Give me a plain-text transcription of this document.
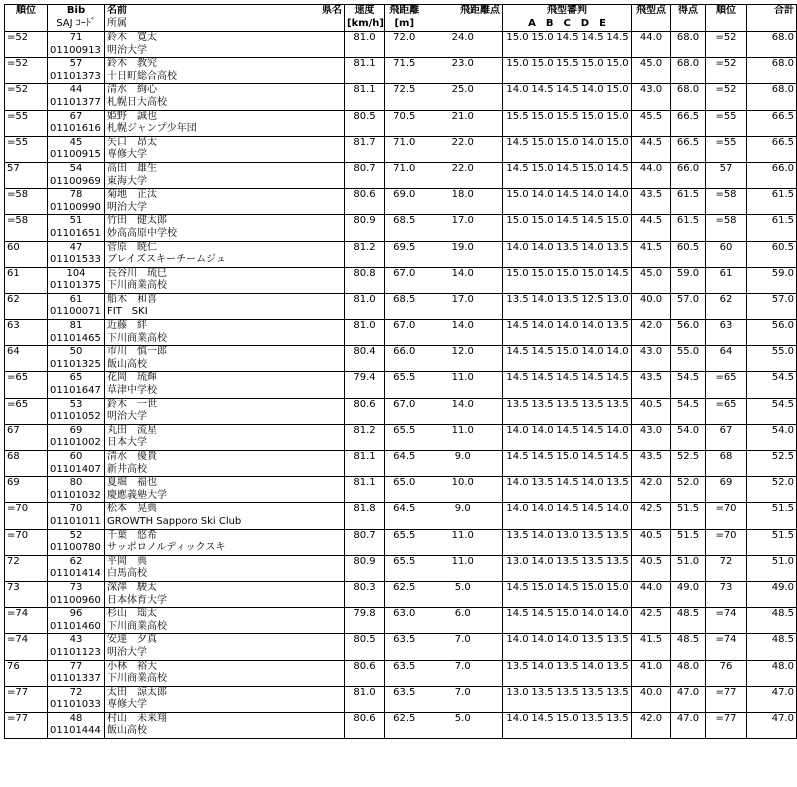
順位	Bib	名前 県名	速度	飛距離	飛距離点		飛型審判	飛型点	得点	順位	合計
	SAJ ｺｰﾄﾞ	所属	[km/h]	[m]			A　B　C　D　E				
=52	71	鈴木　寛太	81.0	72.0	24.0		15.0 15.0 14.5 14.5 14.5	44.0	68.0	=52	68.0
	01100913	明治大学									
=52	57	鈴木　教究	81.1	71.5	23.0		15.0 15.0 15.5 15.0 15.0	45.0	68.0	=52	68.0
	01101373	十日町総合高校									
=52	44	清水　絢心	81.1	72.5	25.0		14.0 14.5 14.5 14.0 15.0	43.0	68.0	=52	68.0
	01101377	札幌日大高校									
=55	67	姫野　誠也	80.5	70.5	21.0		15.5 15.0 15.5 15.0 15.0	45.5	66.5	=55	66.5
	01101616	札幌ジャンプ少年団									
=55	45	矢口　昂太	81.7	71.0	22.0		14.5 15.0 15.0 14.0 15.0	44.5	66.5	=55	66.5
	01100915	専修大学									
57	54	高田　雄生	80.7	71.0	22.0		14.5 15.0 14.5 15.0 14.5	44.0	66.0	57	66.0
	01100969	東海大学									
=58	78	菊地　正汰	80.6	69.0	18.0		15.0 14.0 14.5 14.0 14.0	43.5	61.5	=58	61.5
	01100990	明治大学									
=58	51	竹田　健太郎	80.9	68.5	17.0		15.0 15.0 14.5 14.5 15.0	44.5	61.5	=58	61.5
	01101651	妙高高原中学校									
60	47	菅原　暁仁	81.2	69.5	19.0		14.0 14.0 13.5 14.0 13.5	41.5	60.5	60	60.5
	01101533	ブレイズスキーチームジュ									
61	104	長谷川　琉巳	80.8	67.0	14.0		15.0 15.0 15.0 15.0 14.5	45.0	59.0	61	59.0
	01101375	下川商業高校									
62	61	船木　和喜	81.0	68.5	17.0		13.5 14.0 13.5 12.5 13.0	40.0	57.0	62	57.0
	01100071	FIT　SKI									
63	81	近藤　絆	81.0	67.0	14.0		14.5 14.0 14.0 14.0 13.5	42.0	56.0	63	56.0
	01101465	下川商業高校									
64	50	市川　慎一郎	80.4	66.0	12.0		14.5 14.5 15.0 14.0 14.0	43.0	55.0	64	55.0
	01101325	飯山高校									
=65	65	花岡　琉輝	79.4	65.5	11.0		14.5 14.5 14.5 14.5 14.5	43.5	54.5	=65	54.5
	01101647	草津中学校									
=65	53	鈴木　一世	80.6	67.0	14.0		13.5 13.5 13.5 13.5 13.5	40.5	54.5	=65	54.5
	01101052	明治大学									
67	69	丸田　流星	81.2	65.5	11.0		14.0 14.0 14.5 14.5 14.0	43.0	54.0	67	54.0
	01101002	日本大学									
68	60	清水　優貴	81.1	64.5	9.0		14.5 14.5 15.0 14.5 14.5	43.5	52.5	68	52.5
	01101407	新井高校									
69	80	夏堀　福也	81.1	65.0	10.0		14.0 13.5 14.5 14.0 13.5	42.0	52.0	69	52.0
	01101032	慶應義塾大学									
=70	70	松本　晃典	81.8	64.5	9.0		14.0 14.0 14.5 14.5 14.0	42.5	51.5	=70	51.5
	01101011	GROWTH Sapporo Ski Club									
=70	52	千葉　悠希	80.7	65.5	11.0		13.5 14.0 13.0 13.5 13.5	40.5	51.5	=70	51.5
	01100780	サッポロノルディックスキ									
72	62	平岡　典	80.9	65.5	11.0		13.0 14.0 13.5 13.5 13.5	40.5	51.0	72	51.0
	01101414	白馬高校									
73	73	深澤　駿太	80.3	62.5	5.0		14.5 15.0 14.5 15.0 15.0	44.0	49.0	73	49.0
	01100960	日本体育大学									
=74	96	杉山　瑶太	79.8	63.0	6.0		14.5 14.5 15.0 14.0 14.0	42.5	48.5	=74	48.5
	01101460	下川商業高校									
=74	43	安達　夕真	80.5	63.5	7.0		14.0 14.0 14.0 13.5 13.5	41.5	48.5	=74	48.5
	01101123	明治大学									
76	77	小林　裕大	80.6	63.5	7.0		13.5 14.0 13.5 14.0 13.5	41.0	48.0	76	48.0
	01101337	下川商業高校									
=77	72	太田　諒太郎	81.0	63.5	7.0		13.0 13.5 13.5 13.5 13.5	40.0	47.0	=77	47.0
	01101033	専修大学									
=77	48	村山　未来翔	80.6	62.5	5.0		14.0 14.5 15.0 13.5 13.5	42.0	47.0	=77	47.0
	01101444	飯山高校									
